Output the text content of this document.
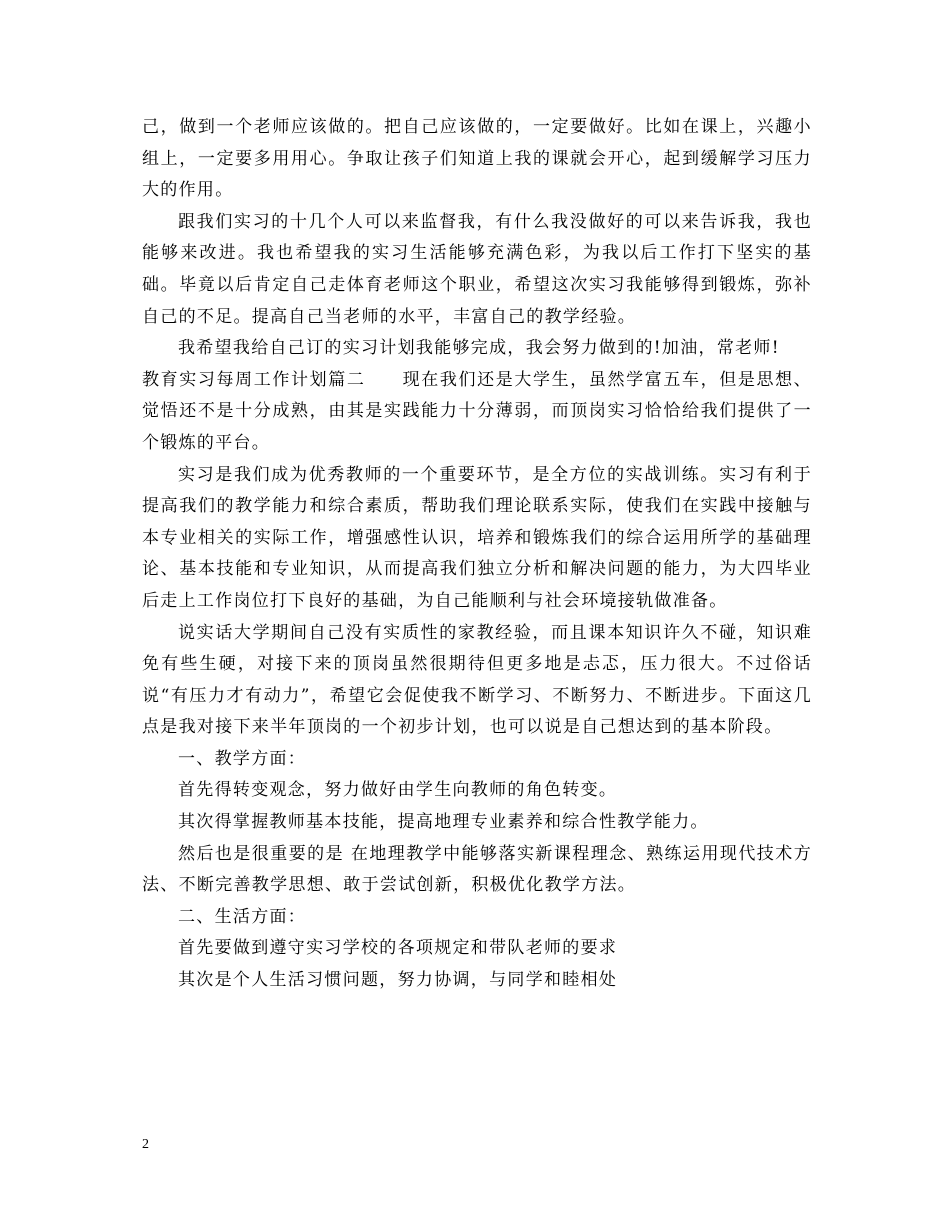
己，做到一个老师应该做的。把自己应该做的，一定要做好。比如在课上，兴趣小组上，一定要多用用心。争取让孩子们知道上我的课就会开心，起到缓解学习压力大的作用。

跟我们实习的十几个人可以来监督我，有什么我没做好的可以来告诉我，我也能够来改进。我也希望我的实习生活能够充满色彩，为我以后工作打下坚实的基础。毕竟以后肯定自己走体育老师这个职业，希望这次实习我能够得到锻炼，弥补自己的不足。提高自己当老师的水平，丰富自己的教学经验。

我希望我给自己订的实习计划我能够完成，我会努力做到的!加油，常老师!

教育实习每周工作计划篇二　　现在我们还是大学生，虽然学富五车，但是思想、觉悟还不是十分成熟，由其是实践能力十分薄弱，而顶岗实习恰恰给我们提供了一个锻炼的平台。

实习是我们成为优秀教师的一个重要环节，是全方位的实战训练。实习有利于提高我们的教学能力和综合素质，帮助我们理论联系实际，使我们在实践中接触与本专业相关的实际工作，增强感性认识，培养和锻炼我们的综合运用所学的基础理论、基本技能和专业知识，从而提高我们独立分析和解决问题的能力，为大四毕业后走上工作岗位打下良好的基础，为自己能顺利与社会环境接轨做准备。

说实话大学期间自己没有实质性的家教经验，而且课本知识许久不碰，知识难免有些生硬，对接下来的顶岗虽然很期待但更多地是忐忑，压力很大。不过俗话说“有压力才有动力”，希望它会促使我不断学习、不断努力、不断进步。下面这几点是我对接下来半年顶岗的一个初步计划，也可以说是自己想达到的基本阶段。

一、教学方面：

首先得转变观念，努力做好由学生向教师的角色转变。

其次得掌握教师基本技能，提高地理专业素养和综合性教学能力。

然后也是很重要的是 在地理教学中能够落实新课程理念、熟练运用现代技术方法、不断完善教学思想、敢于尝试创新，积极优化教学方法。

二、生活方面：

首先要做到遵守实习学校的各项规定和带队老师的要求

其次是个人生活习惯问题，努力协调，与同学和睦相处

2
